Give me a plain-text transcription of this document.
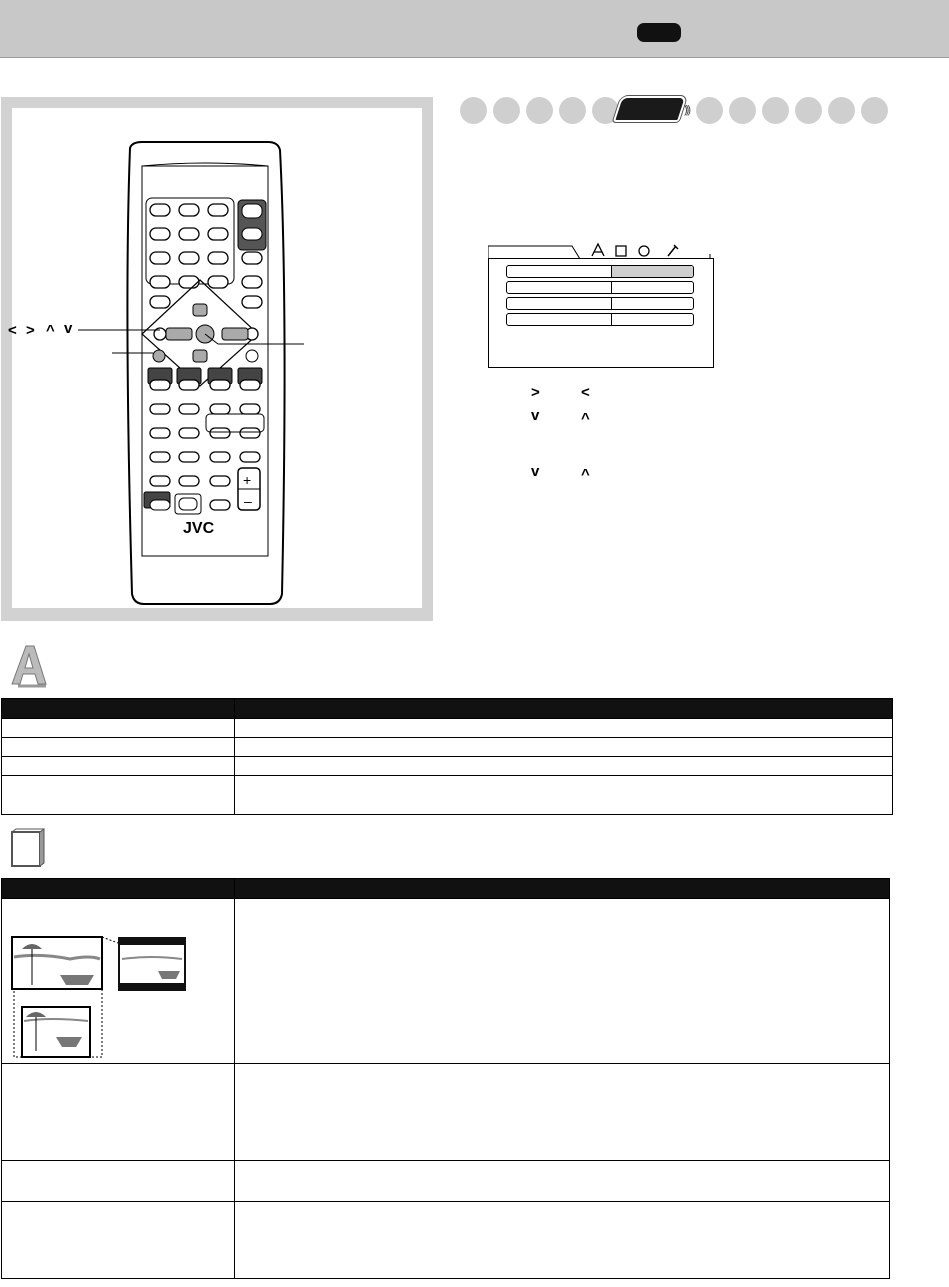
+
–
JVC
< > ^ v
)))
>	<
v	^
v	^
